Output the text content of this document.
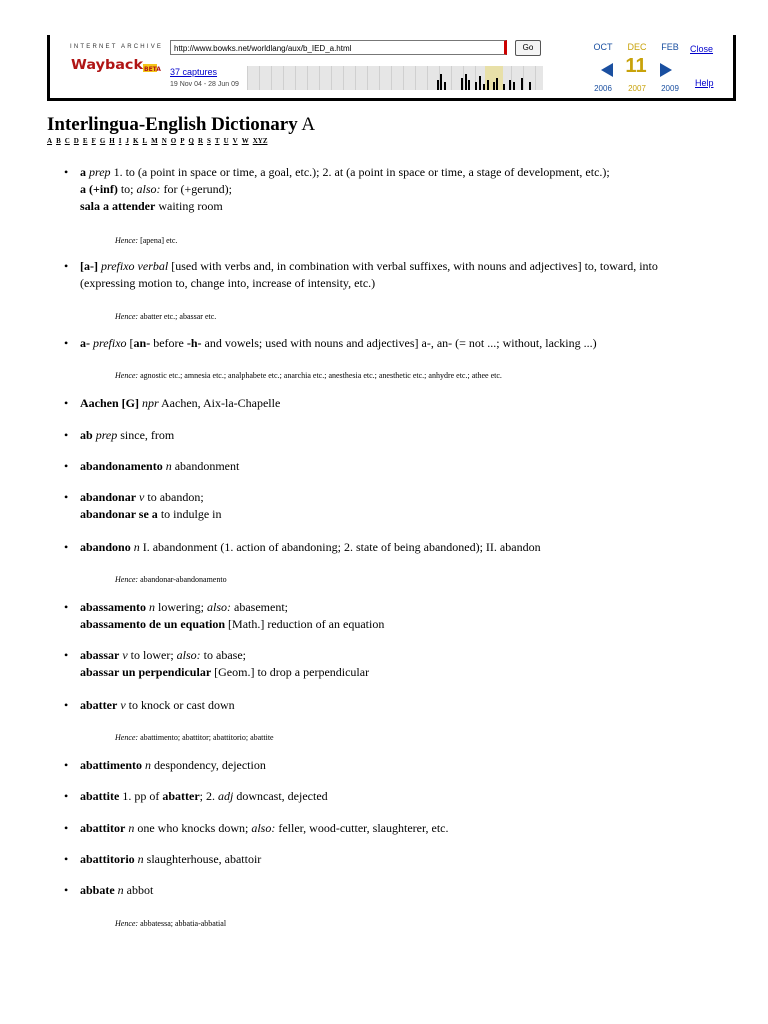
INTERNET ARCHIVE
Wayback BETA
http://www.bowks.net/worldlang/aux/b_IED_a.html	Go
37 captures
19 Nov 04 - 28 Jun 09
OCT	DEC	FEB
11
2006	2007	2009
Close
Help
Interlingua-English Dictionary A
A B C D E F G H I J K L M N O P Q R S T U V W XYZ
• a prep 1. to (a point in space or time, a goal, etc.); 2. at (a point in space or time, a stage of development, etc.);
a (+inf) to; also: for (+gerund);
sala a attender waiting room
Hence: [apena] etc.
• [a-] prefixo verbal [used with verbs and, in combination with verbal suffixes, with nouns and adjectives] to, toward, into
(expressing motion to, change into, increase of intensity, etc.)
Hence: abatter etc.; abassar etc.
• a- prefixo [an- before -h- and vowels; used with nouns and adjectives] a-, an- (= not ...; without, lacking ...)
Hence: agnostic etc.; amnesia etc.; analphabete etc.; anarchia etc.; anesthesia etc.; anesthetic etc.; anhydre etc.; athee etc.
• Aachen [G] npr Aachen, Aix-la-Chapelle
• ab prep since, from
• abandonamento n abandonment
• abandonar v to abandon;
abandonar se a to indulge in
• abandono n I. abandonment (1. action of abandoning; 2. state of being abandoned); II. abandon
Hence: abandonar-abandonamento
• abassamento n lowering; also: abasement;
abassamento de un equation [Math.] reduction of an equation
• abassar v to lower; also: to abase;
abassar un perpendicular [Geom.] to drop a perpendicular
• abatter v to knock or cast down
Hence: abattimento; abattitor; abattitorio; abattite
• abattimento n despondency, dejection
• abattite 1. pp of abatter; 2. adj downcast, dejected
• abattitor n one who knocks down; also: feller, wood-cutter, slaughterer, etc.
• abattitorio n slaughterhouse, abattoir
• abbate n abbot
Hence: abbatessa; abbatia-abbatial
